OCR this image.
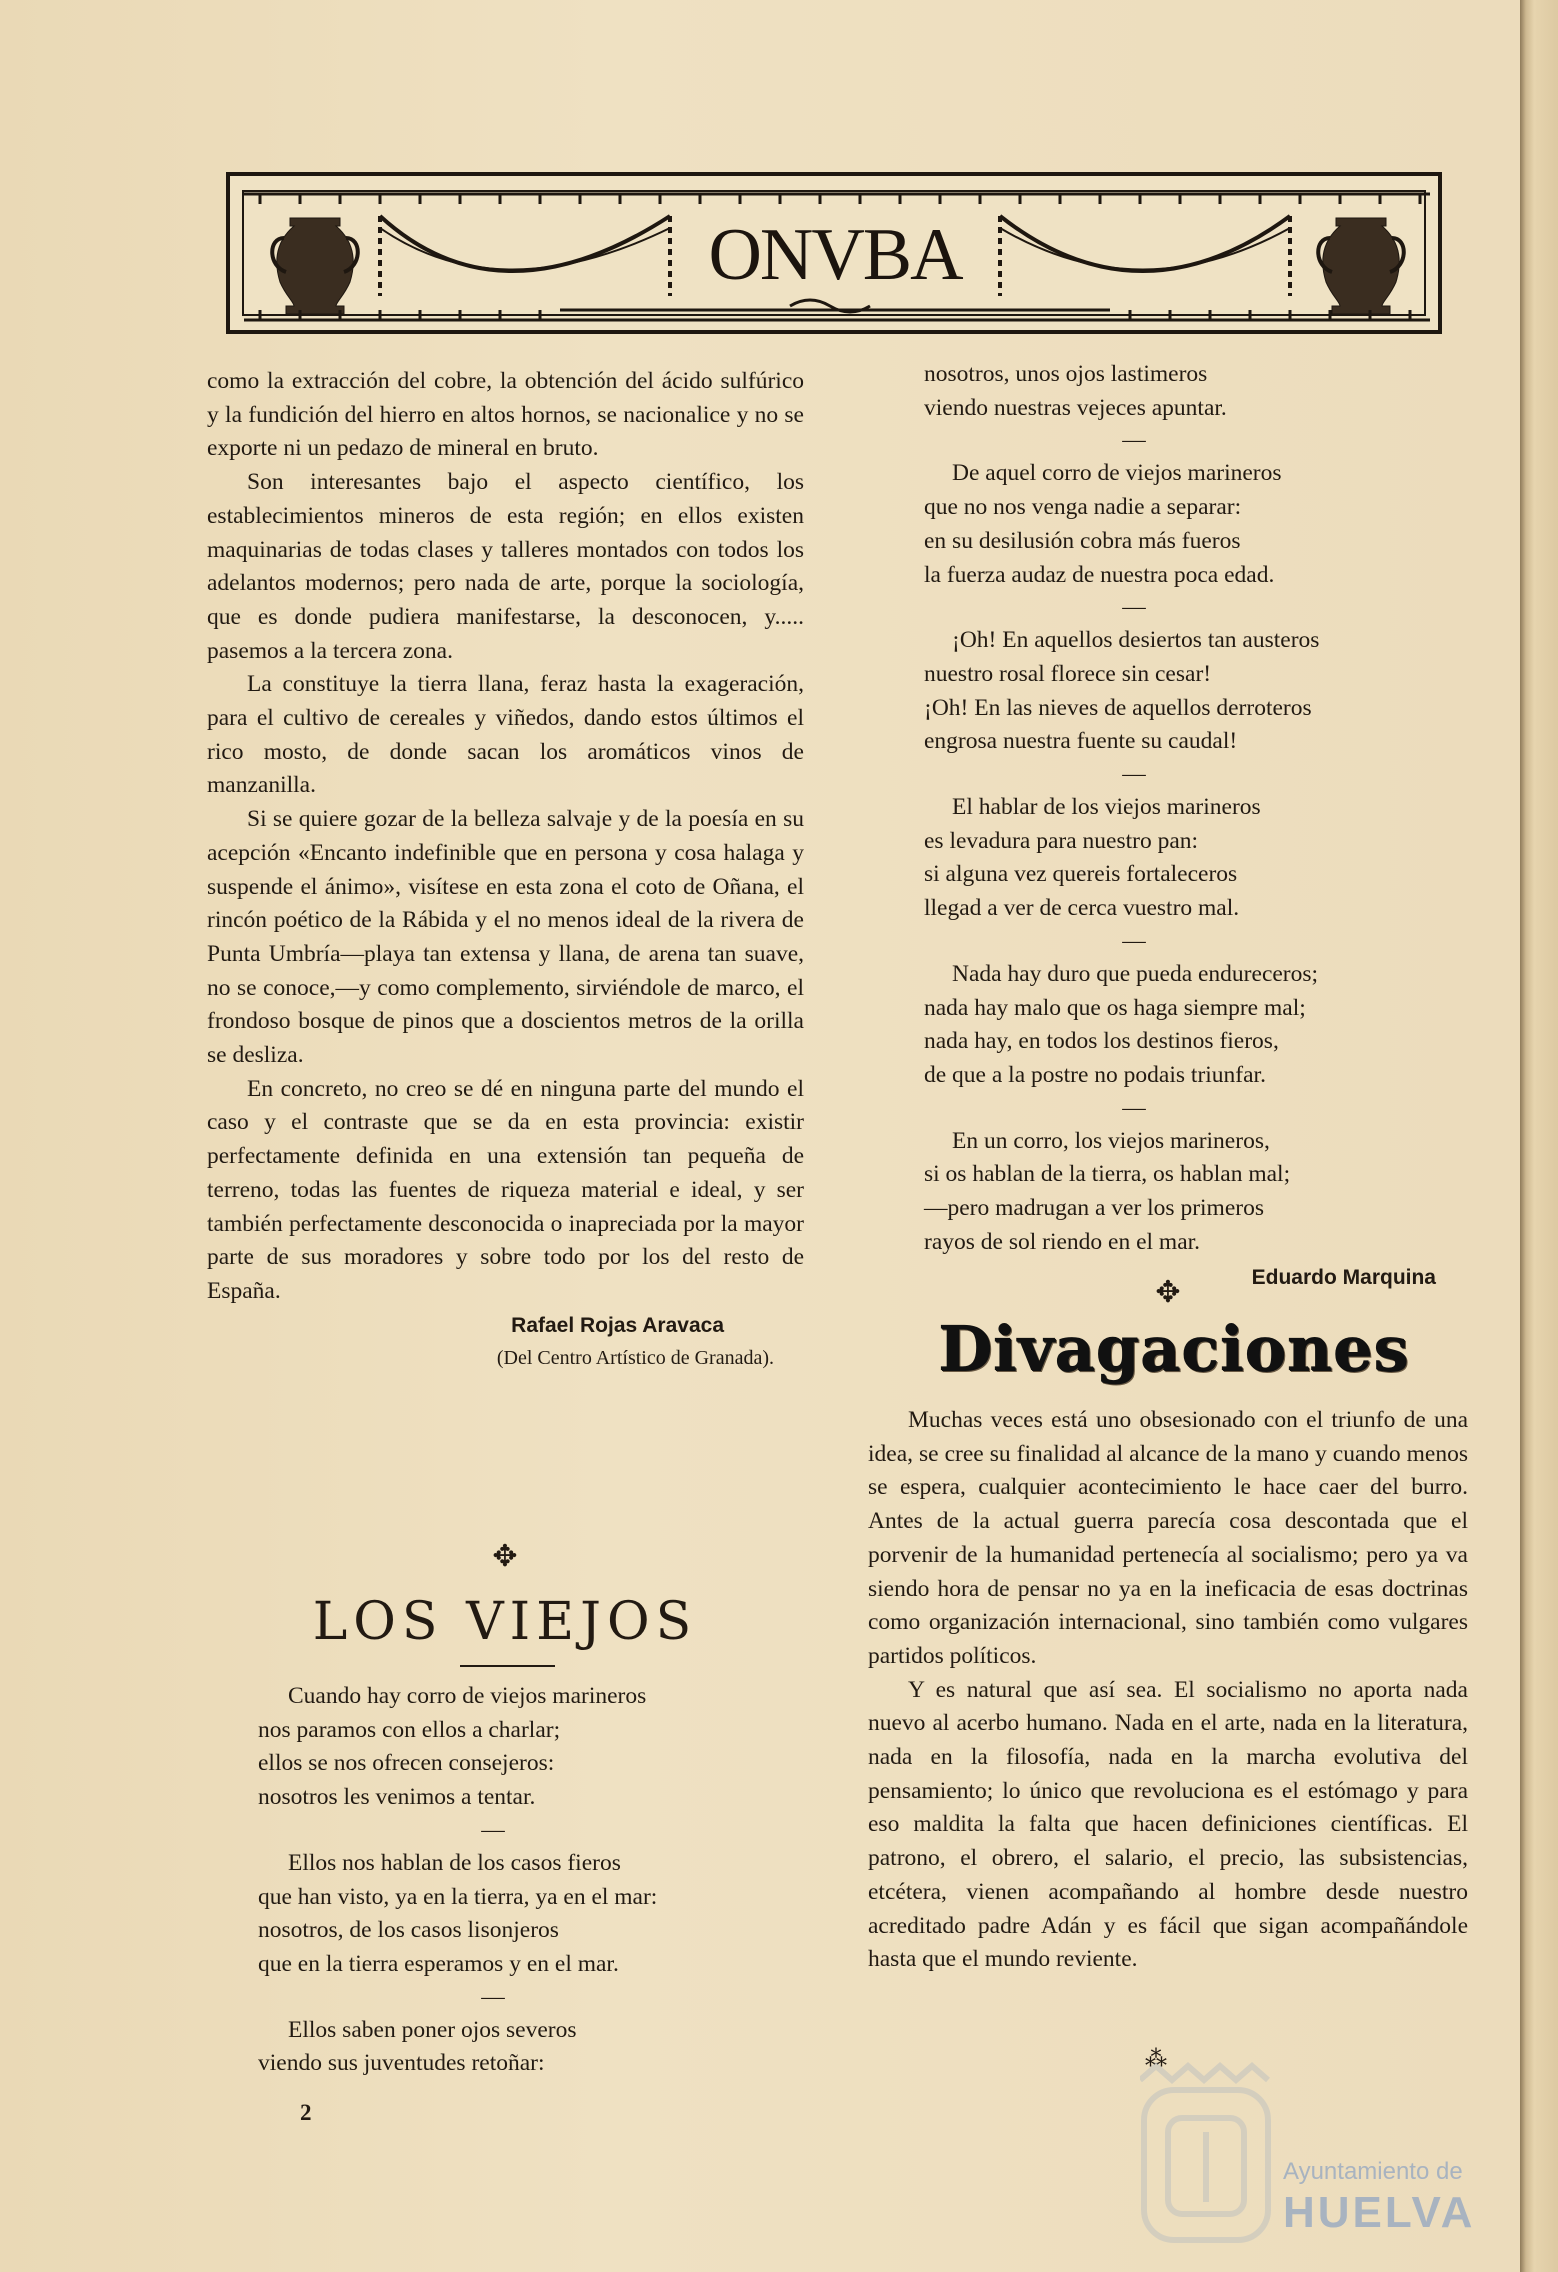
ONVBA

como la extracción del cobre, la obtención del ácido sulfúrico y la fundición del hierro en altos hornos, se nacionalice y no se exporte ni un pedazo de mineral en bruto.

Son interesantes bajo el aspecto científico, los establecimientos mineros de esta región; en ellos existen maquinarias de todas clases y talleres montados con todos los adelantos modernos; pero nada de arte, porque la sociología, que es donde pudiera manifestarse, la desconocen, y..... pasemos a la tercera zona.

La constituye la tierra llana, feraz hasta la exageración, para el cultivo de cereales y viñedos, dando estos últimos el rico mosto, de donde sacan los aromáticos vinos de manzanilla.

Si se quiere gozar de la belleza salvaje y de la poesía en su acepción «Encanto indefinible que en persona y cosa halaga y suspende el ánimo», visítese en esta zona el coto de Oñana, el rincón poético de la Rábida y el no menos ideal de la rivera de Punta Umbría—playa tan extensa y llana, de arena tan suave, no se conoce,—y como complemento, sirviéndole de marco, el frondoso bosque de pinos que a doscientos metros de la orilla se desliza.

En concreto, no creo se dé en ninguna parte del mundo el caso y el contraste que se da en esta provincia: existir perfectamente definida en una extensión tan pequeña de terreno, todas las fuentes de riqueza material e ideal, y ser también perfectamente desconocida o inapreciada por la mayor parte de sus moradores y sobre todo por los del resto de España.

Rafael Rojas Aravaca
(Del Centro Artístico de Granada).
✥
LOS VIEJOS
Cuando hay corro de viejos marineros
nos paramos con ellos a charlar;
ellos se nos ofrecen consejeros:
nosotros les venimos a tentar.
—
Ellos nos hablan de los casos fieros
que han visto, ya en la tierra, ya en el mar:
nosotros, de los casos lisonjeros
que en la tierra esperamos y en el mar.
—
Ellos saben poner ojos severos
viendo sus juventudes retoñar:
2
nosotros, unos ojos lastimeros
viendo nuestras vejeces apuntar.
—
De aquel corro de viejos marineros
que no nos venga nadie a separar:
en su desilusión cobra más fueros
la fuerza audaz de nuestra poca edad.
—
¡Oh! En aquellos desiertos tan austeros
nuestro rosal florece sin cesar!
¡Oh! En las nieves de aquellos derroteros
engrosa nuestra fuente su caudal!
—
El hablar de los viejos marineros
es levadura para nuestro pan:
si alguna vez quereis fortaleceros
llegad a ver de cerca vuestro mal.
—
Nada hay duro que pueda endureceros;
nada hay malo que os haga siempre mal;
nada hay, en todos los destinos fieros,
de que a la postre no podais triunfar.
—
En un corro, los viejos marineros,
si os hablan de la tierra, os hablan mal;
—pero madrugan a ver los primeros
rayos de sol riendo en el mar.
Eduardo Marquina
✥
Divagaciones

Muchas veces está uno obsesionado con el triunfo de una idea, se cree su finalidad al alcance de la mano y cuando menos se espera, cualquier acontecimiento le hace caer del burro. Antes de la actual guerra parecía cosa descontada que el porvenir de la humanidad pertenecía al socialismo; pero ya va siendo hora de pensar no ya en la ineficacia de esas doctrinas como organización internacional, sino también como vulgares partidos políticos.

Y es natural que así sea. El socialismo no aporta nada nuevo al acerbo humano. Nada en el arte, nada en la literatura, nada en la filosofía, nada en la marcha evolutiva del pensamiento; lo único que revoluciona es el estómago y para eso maldita la falta que hacen definiciones científicas. El patrono, el obrero, el salario, el precio, las subsistencias, etcétera, vienen acompañando al hombre desde nuestro acreditado padre Adán y es fácil que sigan acompañándole hasta que el mundo reviente.

⁂
Ayuntamiento de
HUELVA
